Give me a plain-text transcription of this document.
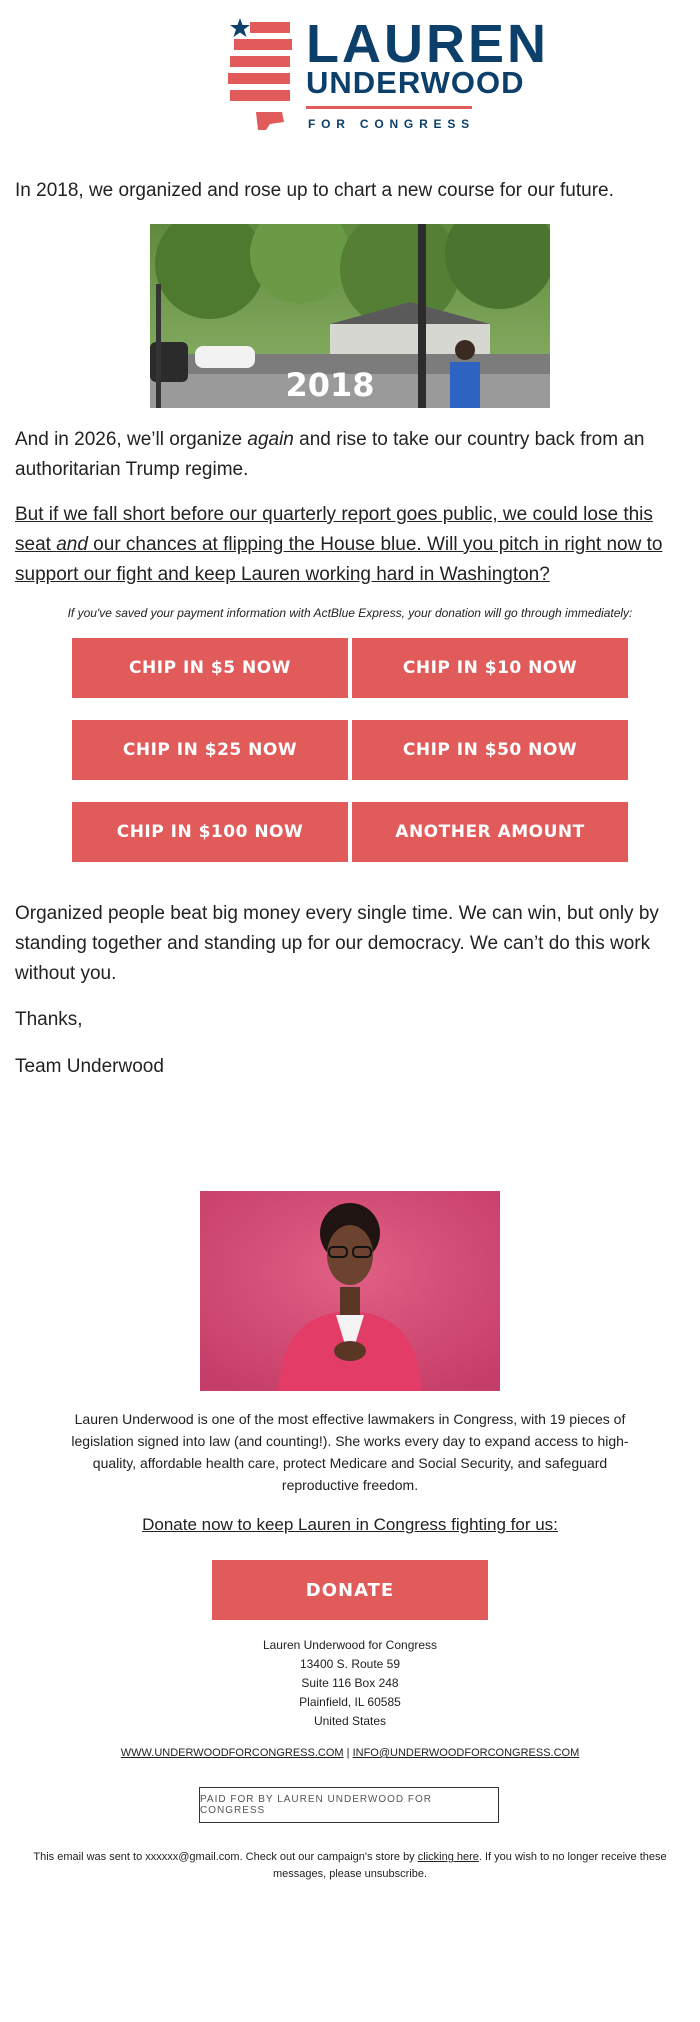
LAUREN
UNDERWOOD
FOR CONGRESS

In 2018, we organized and rose up to chart a new course for our future.

2018

And in 2026, we’ll organize again and rise to take our country back from an authoritarian Trump regime.

But if we fall short before our quarterly report goes public, we could lose this seat and our chances at flipping the House blue. Will you pitch in right now to support our fight and keep Lauren working hard in Washington?

If you've saved your payment information with ActBlue Express, your donation will go through immediately:
CHIP IN $5 NOW	CHIP IN $10 NOW
CHIP IN $25 NOW	CHIP IN $50 NOW
CHIP IN $100 NOW	ANOTHER AMOUNT

Organized people beat big money every single time. We can win, but only by standing together and standing up for our democracy. We can’t do this work without you.

Thanks,

Team Underwood

Lauren Underwood is one of the most effective lawmakers in Congress, with 19 pieces of legislation signed into law (and counting!). She works every day to expand access to high-quality, affordable health care, protect Medicare and Social Security, and safeguard reproductive freedom.
Donate now to keep Lauren in Congress fighting for us:
DONATE
Lauren Underwood for Congress
13400 S. Route 59
Suite 116 Box 248
Plainfield, IL 60585
United States
WWW.UNDERWOODFORCONGRESS.COM | INFO@UNDERWOODFORCONGRESS.COM
PAID FOR BY LAUREN UNDERWOOD FOR CONGRESS
This email was sent to xxxxxx@gmail.com. Check out our campaign's store by clicking here. If you wish to no longer receive these messages, please unsubscribe.
